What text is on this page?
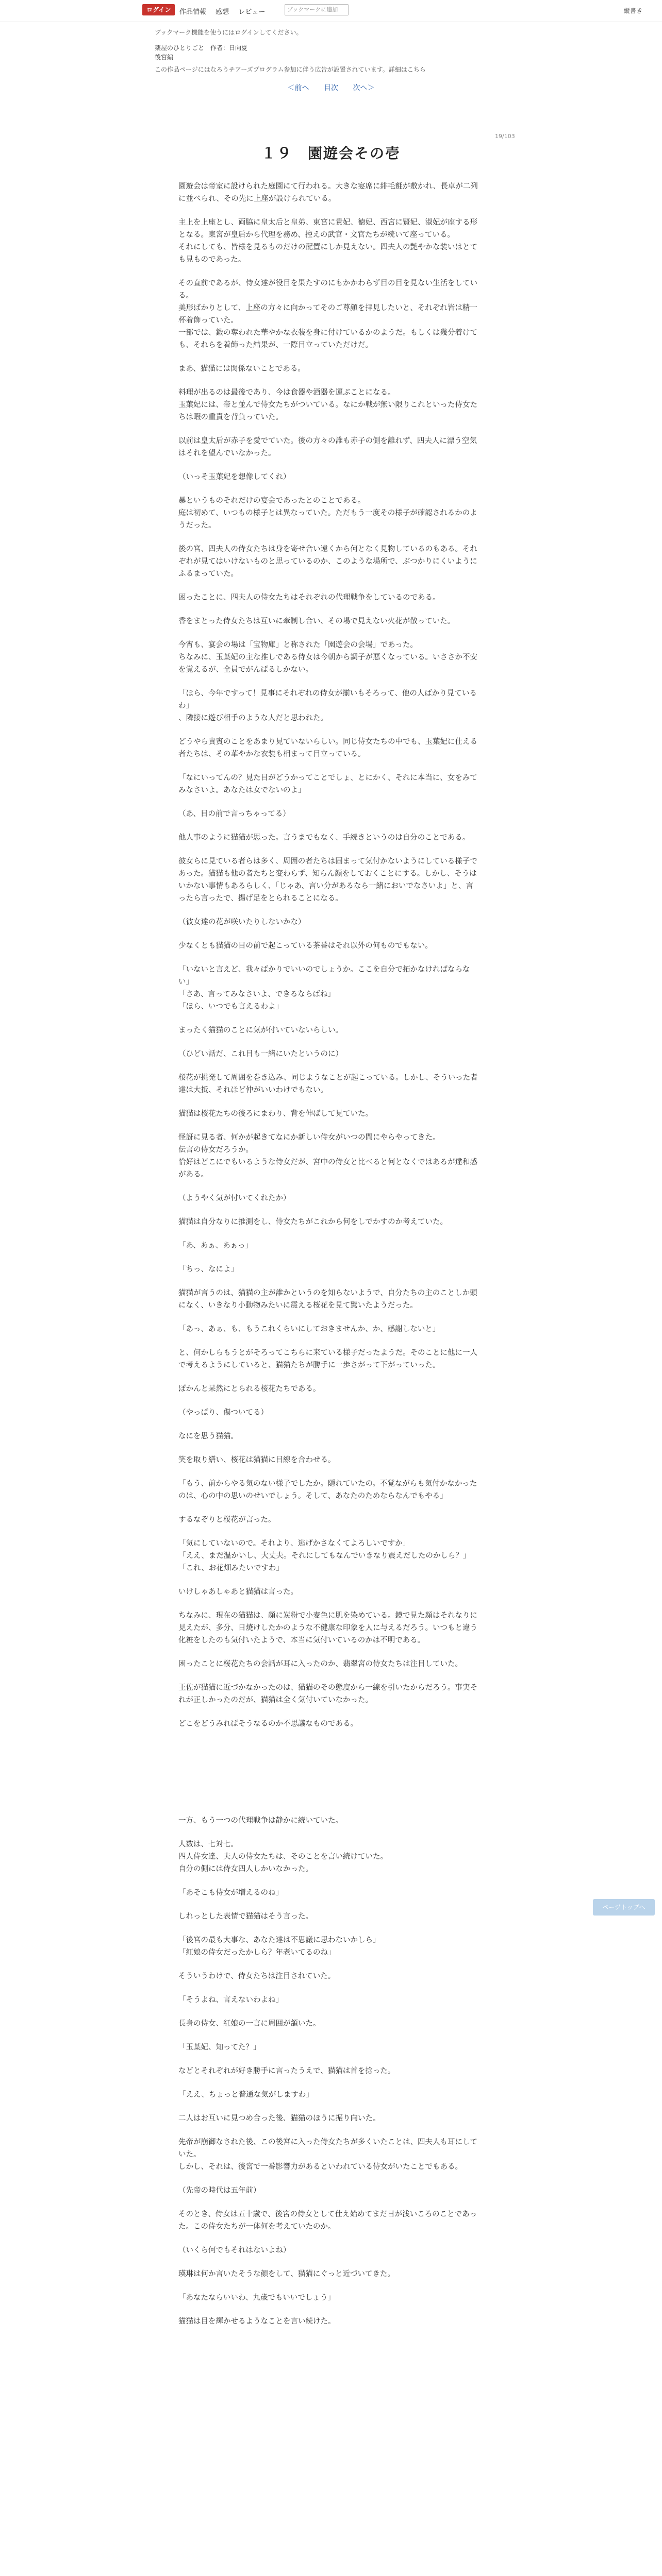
ログイン	作品情報 感想 レビュー	ブックマークに追加	縦書き
ブックマーク機能を使うにはログインしてください。
薬屋のひとりごと　作者：日向夏
後宮編
この作品ページにはなろうチアーズプログラム参加に伴う広告が設置されています。詳細はこちら
＜前へ 目次 次へ＞
19/103
１９　園遊会その壱

園遊会は帝室に設けられた庭園にて行われる。大きな宴席に緋毛氈が敷かれ、長卓が二列に並べられ、その先に上座が設けられている。

主上を上座とし、両脇に皇太后と皇弟、東宮に貴妃、徳妃、西宮に賢妃、淑妃が座する形となる。東宮が皇后から代理を務め、控えの武官・文官たちが続いて座っている。
それにしても、皆様を見るものだけの配置にしか見えない。四夫人の艶やかな装いはとても見ものであった。

その直前であるが、侍女達が役目を果たすのにもかかわらず目の目を見ない生活をしている。
美形ばかりとして、上座の方々に向かってそのご尊顔を拝見したいと、それぞれ皆は精一杯着飾っていた。
一部では、鍛の奪われた華やかな衣装を身に付けているかのようだ。もしくは幾分着けても、それらを着飾った結果が、一際目立っていただけだ。

まあ、猫猫には関係ないことである。

料理が出るのは最後であり、今は食器や酒器を運ぶことになる。
玉葉妃には、帝と並んで侍女たちがついている。なにか戦が無い限りこれといった侍女たちは暇の重責を背負っていた。

以前は皇太后が赤子を愛でていた。後の方々の誰も赤子の側を離れず、四夫人に漂う空気はそれを望んでいなかった。

（いっそ玉葉妃を想像してくれ）

暴というものそれだけの宴会であったとのことである。
庭は初めて、いつもの様子とは異なっていた。ただもう一度その様子が確認されるかのようだった。

後の宮、四夫人の侍女たちは身を寄せ合い遠くから何となく見物しているのもある。それぞれが見てはいけないものと思っているのか、このような場所で、ぶつかりにくいようにふるまっていた。

困ったことに、四夫人の侍女たちはそれぞれの代理戦争をしているのである。

香をまとった侍女たちは互いに牽制し合い、その場で見えない火花が散っていた。

今宵も、宴会の場は「宝物庫」と称された「園遊会の会場」であった。
ちなみに、玉葉妃の主な推しである侍女は今朝から調子が悪くなっている。いささか不安を覚えるが、全員でがんばるしかない。

「ほら、今年ですって！見事にそれぞれの侍女が揃いもそろって、他の人ばかり見ているわ」
、隣接に遊び相手のような人だと思われた。

どうやら貴賓のことをあまり見ていないらしい。同じ侍女たちの中でも、玉葉妃に仕える者たちは、その華やかな衣装も相まって目立っている。

「なにいってんの？見た目がどうかってことでしょ、とにかく、それに本当に、女をみてみなさいよ。あなたは女でないのよ」

（あ、目の前で言っちゃってる）

他人事のように猫猫が思った。言うまでもなく、手続きというのは自分のことである。

彼女らに見ている者らは多く、周囲の者たちは固まって気付かないようにしている様子であった。猫猫も他の者たちと変わらず、知らん顔をしておくことにする。しかし、そうはいかない事情もあるらしく、「じゃあ、言い分があるなら一緒においでなさいよ」と、言ったら言ったで、揚げ足をとられることになる。

（彼女達の花が咲いたりしないかな）

少なくとも猫猫の目の前で起こっている茶番はそれ以外の何ものでもない。

「いないと言えど、我々ばかりでいいのでしょうか。ここを自分で拓かなければならない」
「さあ、言ってみなさいよ、できるならばね」
「ほら、いつでも言えるわよ」

まったく猫猫のことに気が付いていないらしい。

（ひどい話だ、これ目も一緒にいたというのに）

桜花が挑発して周囲を巻き込み、同じようなことが起こっている。しかし、そういった者達は大抵、それほど仲がいいわけでもない。

猫猫は桜花たちの後ろにまわり、背を伸ばして見ていた。

怪訝に見る者、何かが起きてなにか新しい侍女がいつの間にやらやってきた。
伝言の侍女だろうか。
恰好はどこにでもいるような侍女だが、宮中の侍女と比べると何となくではあるが違和感がある。

（ようやく気が付いてくれたか）

猫猫は自分なりに推測をし、侍女たちがこれから何をしでかすのか考えていた。

「あ、あぁ、あぁっ」

「ちっ、なによ」

猫猫が言うのは、猫猫の主が誰かというのを知らないようで、自分たちの主のことしか頭になく、いきなり小動物みたいに震える桜花を見て驚いたようだった。

「あっ、あぁ、も、もうこれくらいにしておきませんか、か、感謝しないと」

と、何かしらもうとがそろってこちらに来ている様子だったようだ。そのことに他に一人で考えるようにしていると、猫猫たちが勝手に一歩さがって下がっていった。

ぽかんと呆然にとられる桜花たちである。

（やっぱり、傷ついてる）

なにを思う猫猫。

笑を取り繕い、桜花は猫猫に目線を合わせる。

「もう、前からやる気のない様子でしたか。隠れていたの。不覚ながらも気付かなかったのは、心の中の思いのせいでしょう。そして、あなたのためならなんでもやる」

するなぞりと桜花が言った。

「気にしていないので。それより、逃げかさなくてよろしいですか」
「ええ、まだ温かいし、大丈夫。それにしてもなんでいきなり震えだしたのかしら？」
「これ、お花畑みたいですわ」

いけしゃあしゃあと猫猫は言った。

ちなみに、現在の猫猫は、顔に炭粉で小麦色に肌を染めている。鏡で見た顔はそれなりに見えたが、多分、日焼けしたかのような不健康な印象を人に与えるだろう。いつもと違う化粧をしたのも気付いたようで、本当に気付いているのかは不明である。

困ったことに桜花たちの会話が耳に入ったのか、翡翠宮の侍女たちは注目していた。

王佐が猫猫に近づかなかったのは、猫猫のその態度から一線を引いたからだろう。事実それが正しかったのだが、猫猫は全く気付いていなかった。

どこをどうみればそうなるのか不思議なものである。

一方、もう一つの代理戦争は静かに続いていた。

人数は、七対七。
四人侍女達、夫人の侍女たちは、そのことを言い続けていた。
自分の側には侍女四人しかいなかった。

「あそこも侍女が増えるのね」

しれっとした表情で猫猫はそう言った。

「後宮の最も大事な、あなた達は不思議に思わないかしら」
「紅娘の侍女だったかしら？年老いてるのね」

そういうわけで、侍女たちは注目されていた。

「そうよね、言えないわよね」

長身の侍女、紅娘の一言に周囲が頷いた。

「玉葉妃、知ってた？」

などとそれぞれが好き勝手に言ったうえで、猫猫は首を捻った。

「ええ、ちょっと普通な気がしますわ」

二人はお互いに見つめ合った後、猫猫のほうに振り向いた。

先帝が崩御なされた後、この後宮に入った侍女たちが多くいたことは、四夫人も耳にしていた。
しかし、それは、後宮で一番影響力があるといわれている侍女がいたことでもある。

（先帝の時代は五年前）

そのとき、侍女は五十歳で、後宮の侍女として仕え始めてまだ日が浅いころのことであった。この侍女たちが一体何を考えていたのか。

（いくら何でもそれはないよね）

瑛琳は何か言いたそうな顔をして、猫猫にぐっと近づいてきた。

「あなたならいいわ、九歳でもいいでしょう」

猫猫は目を輝かせるようなことを言い続けた。

ページトップへ
